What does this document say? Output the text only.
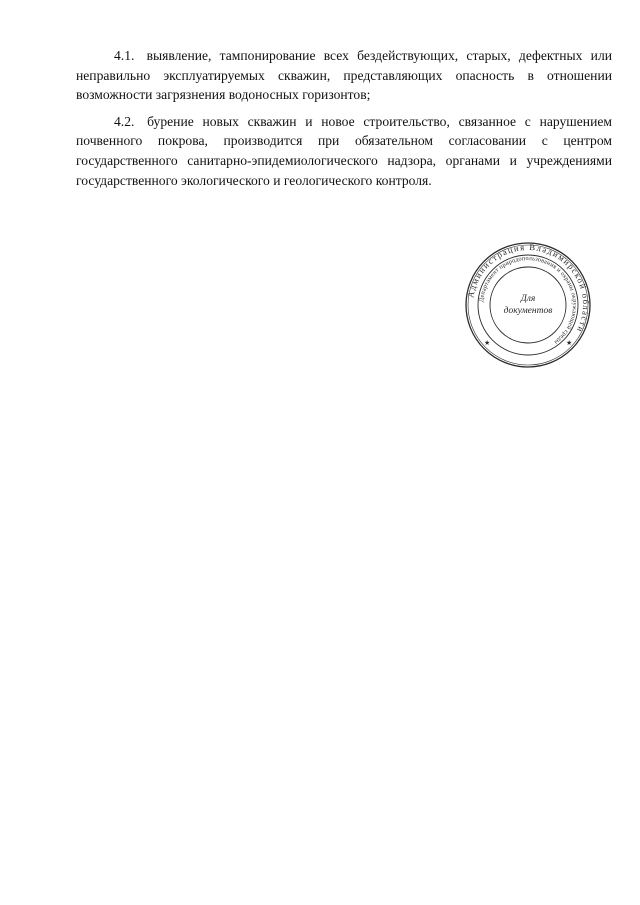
4.1. выявление, тампонирование всех бездействующих, старых, дефектных или неправильно эксплуатируемых скважин, представляющих опасность в отношении возможности загрязнения водоносных горизонтов;

4.2. бурение новых скважин и новое строительство, связанное с нарушением почвенного покрова, производится при обязательном согласовании с центром государственного санитарно-эпидемиологического надзора, органами и учреждениями государственного экологического и геологического контроля.

Администрация Владимирской области
Департамент природопользования и охраны окружающей среды
Для
документов
★	★
